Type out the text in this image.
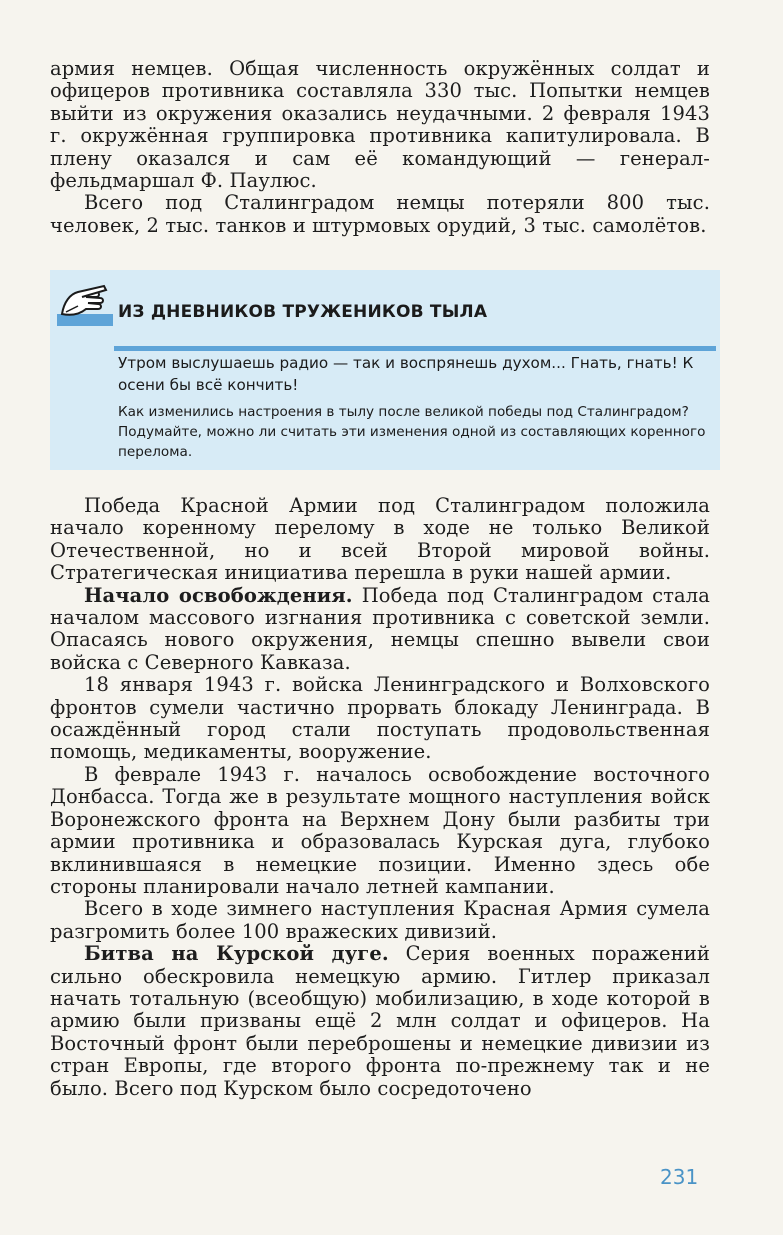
армия немцев. Общая численность окружённых солдат и офицеров противника составляла 330 тыс. Попытки немцев выйти из окружения оказались неудачными. 2 февраля 1943 г. окружённая группировка противника капитулировала. В плену оказался и сам её командующий — генерал-фельдмаршал Ф. Паулюс.

Всего под Сталинградом немцы потеряли 800 тыс. человек, 2 тыс. танков и штурмовых орудий, 3 тыс. самолётов.

ИЗ ДНЕВНИКОВ ТРУЖЕНИКОВ ТЫЛА
Утром выслушаешь радио — так и воспрянешь духом... Гнать, гнать! К осени бы всё кончить!
Как изменились настроения в тылу после великой победы под Сталинградом? Подумайте, можно ли считать эти изменения одной из составляющих коренного перелома.

Победа Красной Армии под Сталинградом положила начало коренному перелому в ходе не только Великой Отечественной, но и всей Второй мировой войны. Стратегическая инициатива перешла в руки нашей армии.

Начало освобождения. Победа под Сталинградом стала началом массового изгнания противника с советской земли. Опасаясь нового окружения, немцы спешно вывели свои войска с Северного Кавказа.

18 января 1943 г. войска Ленинградского и Волховского фронтов сумели частично прорвать блокаду Ленинграда. В осаждённый город стали поступать продовольственная помощь, медикаменты, вооружение.

В феврале 1943 г. началось освобождение восточного Донбасса. Тогда же в результате мощного наступления войск Воронежского фронта на Верхнем Дону были разбиты три армии противника и образовалась Курская дуга, глубоко вклинившаяся в немецкие позиции. Именно здесь обе стороны планировали начало летней кампании.

Всего в ходе зимнего наступления Красная Армия сумела разгромить более 100 вражеских дивизий.

Битва на Курской дуге. Серия военных поражений сильно обескровила немецкую армию. Гитлер приказал начать тотальную (всеобщую) мобилизацию, в ходе которой в армию были призваны ещё 2 млн солдат и офицеров. На Восточный фронт были переброшены и немецкие дивизии из стран Европы, где второго фронта по-прежнему так и не было. Всего под Курском было сосредоточено

231
